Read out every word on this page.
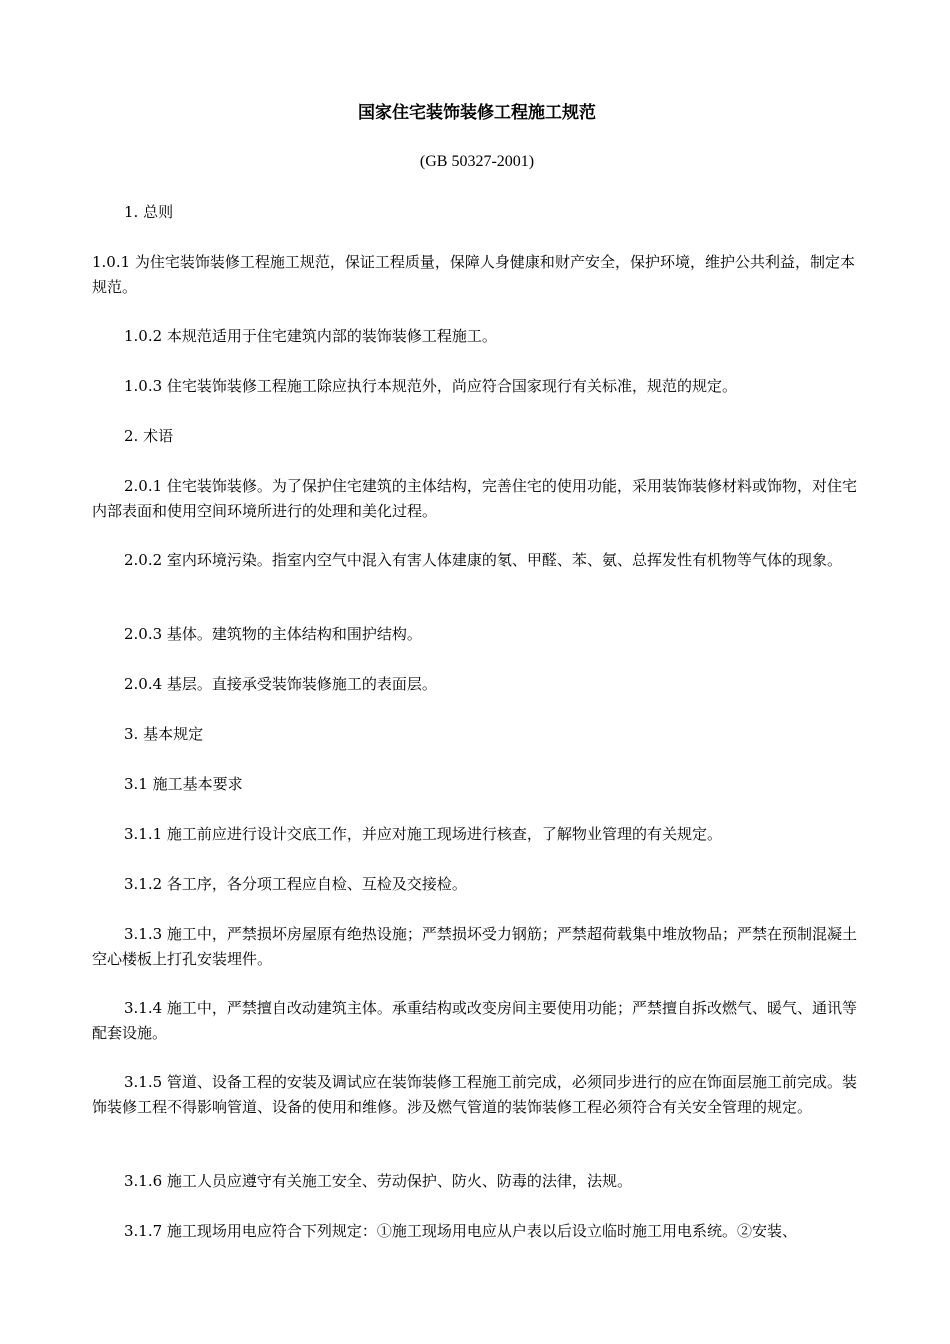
国家住宅装饰装修工程施工规范

(GB 50327-2001)

1. 总则

1.0.1 为住宅装饰装修工程施工规范，保证工程质量，保障人身健康和财产安全，保护环境，维护公共利益，制定本规范。

1.0.2 本规范适用于住宅建筑内部的装饰装修工程施工。

1.0.3 住宅装饰装修工程施工除应执行本规范外，尚应符合国家现行有关标准，规范的规定。

2. 术语

2.0.1 住宅装饰装修。为了保护住宅建筑的主体结构，完善住宅的使用功能，采用装饰装修材料或饰物，对住宅内部表面和使用空间环境所进行的处理和美化过程。

2.0.2 室内环境污染。指室内空气中混入有害人体建康的氡、甲醛、苯、氨、总挥发性有机物等气体的现象。

2.0.3 基体。建筑物的主体结构和围护结构。

2.0.4 基层。直接承受装饰装修施工的表面层。

3. 基本规定

3.1 施工基本要求

3.1.1 施工前应进行设计交底工作，并应对施工现场进行核查，了解物业管理的有关规定。

3.1.2 各工序，各分项工程应自检、互检及交接检。

3.1.3 施工中，严禁损坏房屋原有绝热设施；严禁损坏受力钢筋；严禁超荷载集中堆放物品；严禁在预制混凝土空心楼板上打孔安装埋件。

3.1.4 施工中，严禁擅自改动建筑主体。承重结构或改变房间主要使用功能；严禁擅自拆改燃气、暖气、通讯等配套设施。

3.1.5 管道、设备工程的安装及调试应在装饰装修工程施工前完成，必须同步进行的应在饰面层施工前完成。装饰装修工程不得影响管道、设备的使用和维修。涉及燃气管道的装饰装修工程必须符合有关安全管理的规定。

3.1.6 施工人员应遵守有关施工安全、劳动保护、防火、防毒的法律，法规。

3.1.7 施工现场用电应符合下列规定：①施工现场用电应从户表以后设立临时施工用电系统。②安装、
